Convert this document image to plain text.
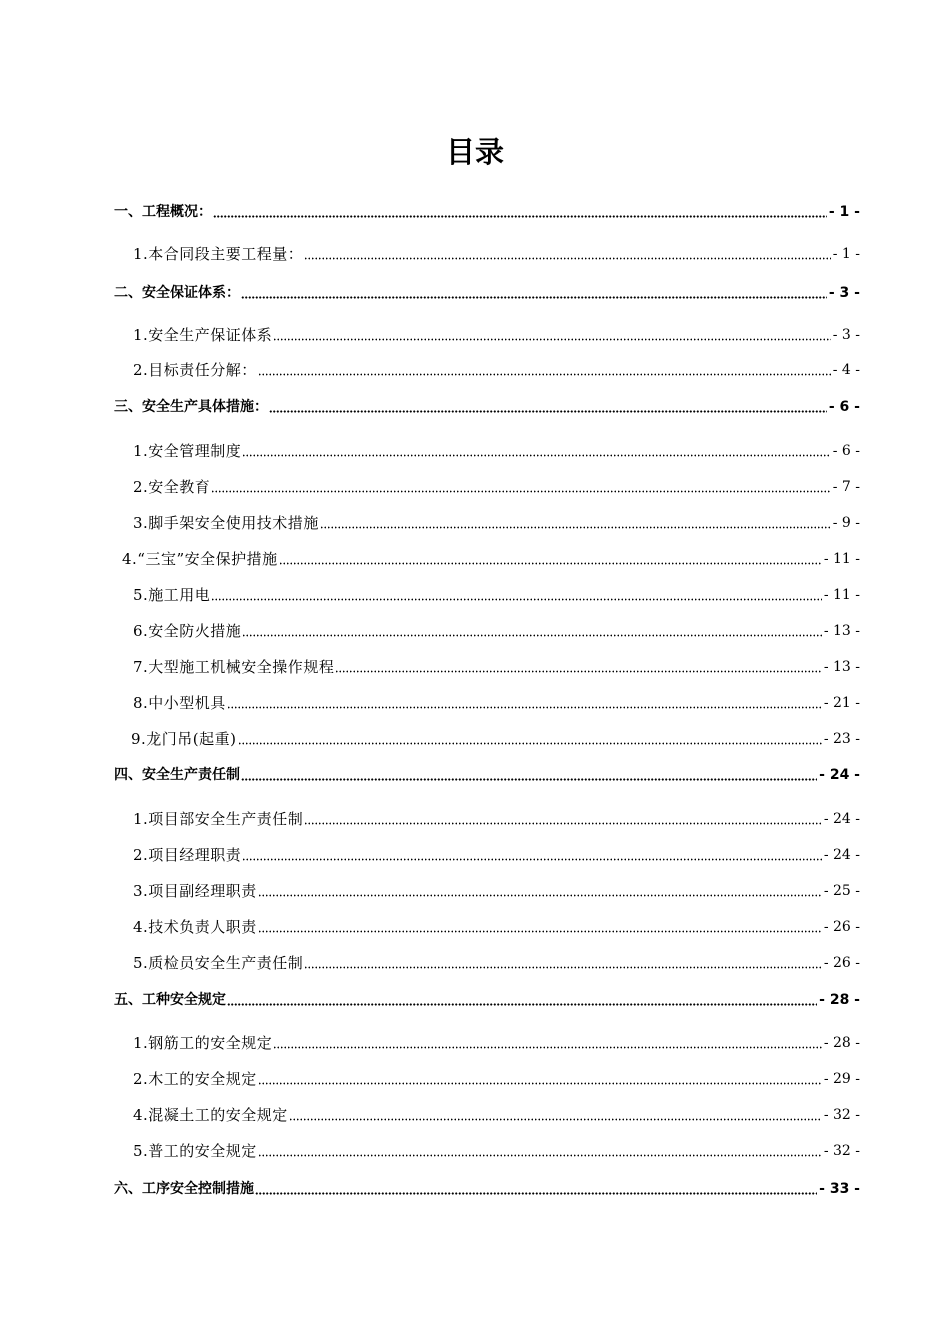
目录
一、工程概况：	- 1 -
1.本合同段主要工程量：	- 1 -
二、安全保证体系：	- 3 -
1.安全生产保证体系	- 3 -
2.目标责任分解：	- 4 -
三、安全生产具体措施：	- 6 -
1.安全管理制度	- 6 -
2.安全教育	- 7 -
3.脚手架安全使用技术措施	- 9 -
4.“三宝”安全保护措施	- 11 -
5.施工用电	- 11 -
6.安全防火措施	- 13 -
7.大型施工机械安全操作规程	- 13 -
8.中小型机具	- 21 -
9.龙门吊(起重)	- 23 -
四、安全生产责任制	- 24 -
1.项目部安全生产责任制	- 24 -
2.项目经理职责	- 24 -
3.项目副经理职责	- 25 -
4.技术负责人职责	- 26 -
5.质检员安全生产责任制	- 26 -
五、工种安全规定	- 28 -
1.钢筋工的安全规定	- 28 -
2.木工的安全规定	- 29 -
4.混凝土工的安全规定	- 32 -
5.普工的安全规定	- 32 -
六、工序安全控制措施	- 33 -
